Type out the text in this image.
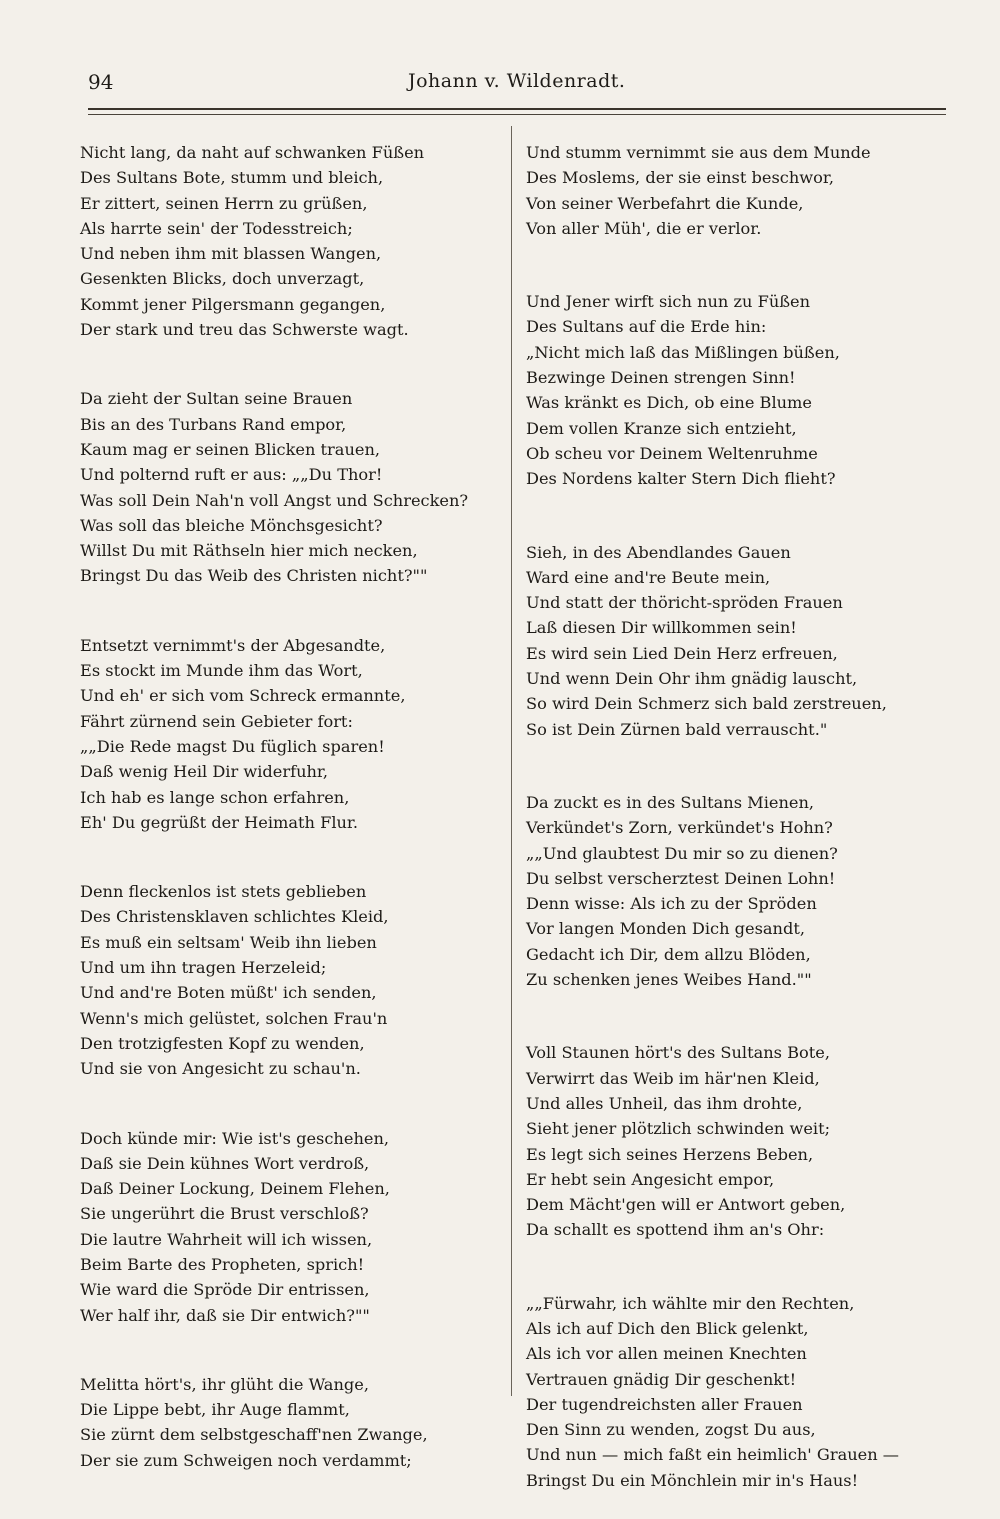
94	Johann v. Wildenradt.
Nicht lang, da naht auf schwanken Füßen
Des Sultans Bote, stumm und bleich,
Er zittert, seinen Herrn zu grüßen,
Als harrte sein' der Todesstreich;
Und neben ihm mit blassen Wangen,
Gesenkten Blicks, doch unverzagt,
Kommt jener Pilgersmann gegangen,
Der stark und treu das Schwerste wagt.
Da zieht der Sultan seine Brauen
Bis an des Turbans Rand empor,
Kaum mag er seinen Blicken trauen,
Und polternd ruft er aus: „„Du Thor!
Was soll Dein Nah'n voll Angst und Schrecken?
Was soll das bleiche Mönchsgesicht?
Willst Du mit Räthseln hier mich necken,
Bringst Du das Weib des Christen nicht?""
Entsetzt vernimmt's der Abgesandte,
Es stockt im Munde ihm das Wort,
Und eh' er sich vom Schreck ermannte,
Fährt zürnend sein Gebieter fort:
„„Die Rede magst Du füglich sparen!
Daß wenig Heil Dir widerfuhr,
Ich hab es lange schon erfahren,
Eh' Du gegrüßt der Heimath Flur.
Denn fleckenlos ist stets geblieben
Des Christensklaven schlichtes Kleid,
Es muß ein seltsam' Weib ihn lieben
Und um ihn tragen Herzeleid;
Und and're Boten müßt' ich senden,
Wenn's mich gelüstet, solchen Frau'n
Den trotzigfesten Kopf zu wenden,
Und sie von Angesicht zu schau'n.
Doch künde mir: Wie ist's geschehen,
Daß sie Dein kühnes Wort verdroß,
Daß Deiner Lockung, Deinem Flehen,
Sie ungerührt die Brust verschloß?
Die lautre Wahrheit will ich wissen,
Beim Barte des Propheten, sprich!
Wie ward die Spröde Dir entrissen,
Wer half ihr, daß sie Dir entwich?""
Melitta hört's, ihr glüht die Wange,
Die Lippe bebt, ihr Auge flammt,
Sie zürnt dem selbstgeschaff'nen Zwange,
Der sie zum Schweigen noch verdammt;
Und stumm vernimmt sie aus dem Munde
Des Moslems, der sie einst beschwor,
Von seiner Werbefahrt die Kunde,
Von aller Müh', die er verlor.
Und Jener wirft sich nun zu Füßen
Des Sultans auf die Erde hin:
„Nicht mich laß das Mißlingen büßen,
Bezwinge Deinen strengen Sinn!
Was kränkt es Dich, ob eine Blume
Dem vollen Kranze sich entzieht,
Ob scheu vor Deinem Weltenruhme
Des Nordens kalter Stern Dich flieht?
Sieh, in des Abendlandes Gauen
Ward eine and're Beute mein,
Und statt der thöricht-spröden Frauen
Laß diesen Dir willkommen sein!
Es wird sein Lied Dein Herz erfreuen,
Und wenn Dein Ohr ihm gnädig lauscht,
So wird Dein Schmerz sich bald zerstreuen,
So ist Dein Zürnen bald verrauscht."
Da zuckt es in des Sultans Mienen,
Verkündet's Zorn, verkündet's Hohn?
„„Und glaubtest Du mir so zu dienen?
Du selbst verscherztest Deinen Lohn!
Denn wisse: Als ich zu der Spröden
Vor langen Monden Dich gesandt,
Gedacht ich Dir, dem allzu Blöden,
Zu schenken jenes Weibes Hand.""
Voll Staunen hört's des Sultans Bote,
Verwirrt das Weib im här'nen Kleid,
Und alles Unheil, das ihm drohte,
Sieht jener plötzlich schwinden weit;
Es legt sich seines Herzens Beben,
Er hebt sein Angesicht empor,
Dem Mächt'gen will er Antwort geben,
Da schallt es spottend ihm an's Ohr:
„„Fürwahr, ich wählte mir den Rechten,
Als ich auf Dich den Blick gelenkt,
Als ich vor allen meinen Knechten
Vertrauen gnädig Dir geschenkt!
Der tugendreichsten aller Frauen
Den Sinn zu wenden, zogst Du aus,
Und nun — mich faßt ein heimlich' Grauen —
Bringst Du ein Mönchlein mir in's Haus!
